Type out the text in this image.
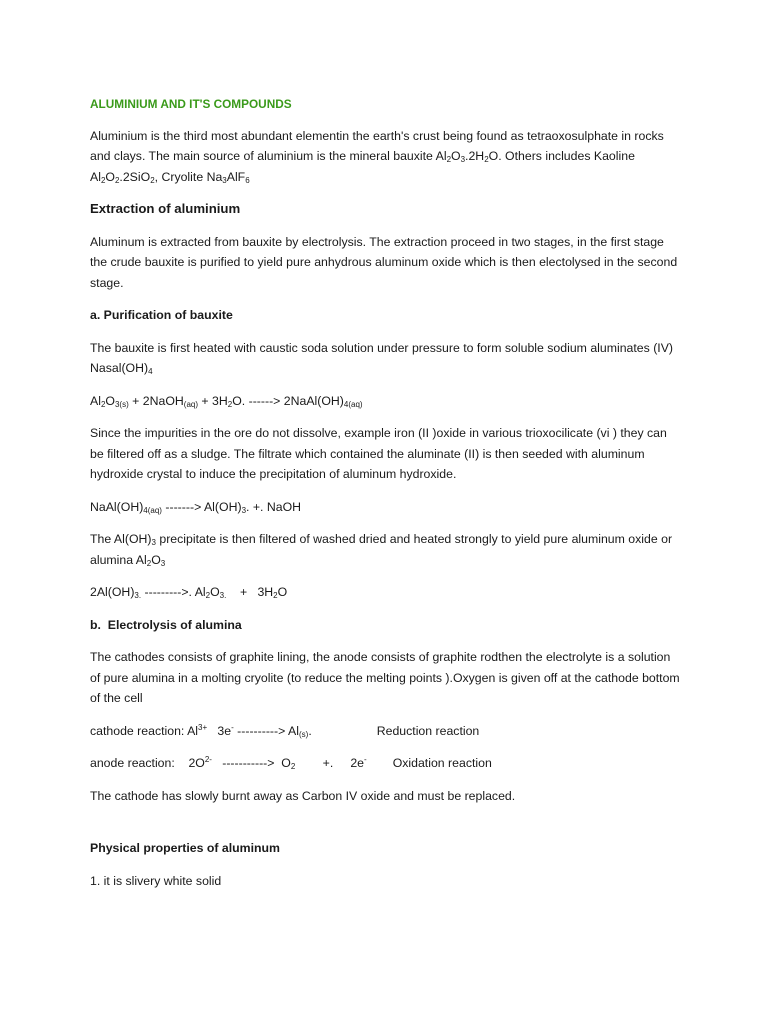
ALUMINIUM AND IT'S COMPOUNDS

Aluminium is the third most abundant elementin the earth's crust being found as tetraoxosulphate in rocks and clays. The main source of aluminium is the mineral bauxite $Al_2O_3.2H_2O$. Others includes Kaoline $Al_2O_2.2SiO_2$, Cryolite $Na_3AlF_6$

Extraction of aluminium

Aluminum is extracted from bauxite by electrolysis. The extraction proceed in two stages, in the first stage the crude bauxite is purified to yield pure anhydrous aluminum oxide which is then electolysed in the second stage.

a. Purification of bauxite

The bauxite is first heated with caustic soda solution under pressure to form soluble sodium aluminates (IV) $Nasal(OH)_4$

$Al_2O_{3(s)}$ + 2NaOH$_{(aq)}$ + $3H_2O$. ------> $2NaAl(OH)_{4(aq)}$

Since the impurities in the ore do not dissolve, example iron (II )oxide in various trioxocilicate (vi ) they can be filtered off as a sludge. The filtrate which contained the aluminate (II) is then seeded with aluminum hydroxide crystal to induce the precipitation of aluminum hydroxide.

$NaAl(OH)_{4(aq)}$ -------> $Al(OH)_3$. +. NaOH

The $Al(OH)_3$ precipitate is then filtered of washed dried and heated strongly to yield pure aluminum oxide or alumina $Al_2O_3$

$2Al(OH)_{3.}$ --------->. $Al_2O_{3.}$    +   $3H_2O$

b.  Electrolysis of alumina

The cathodes consists of graphite lining, the anode consists of graphite rodthen the electrolyte is a solution of pure alumina in a molting cryolite (to reduce the melting points ).Oxygen is given off at the cathode bottom of the cell

cathode reaction: $Al^{3+}$   3e- ----------> $Al_{(s)}$.	Reduction reaction

anode reaction:    $2O^{2-}$   ----------->  $O_2$        +.     2e- Oxidation reaction

The cathode has slowly burnt away as Carbon IV oxide and must be replaced.

Physical properties of aluminum

1. it is slivery white solid
